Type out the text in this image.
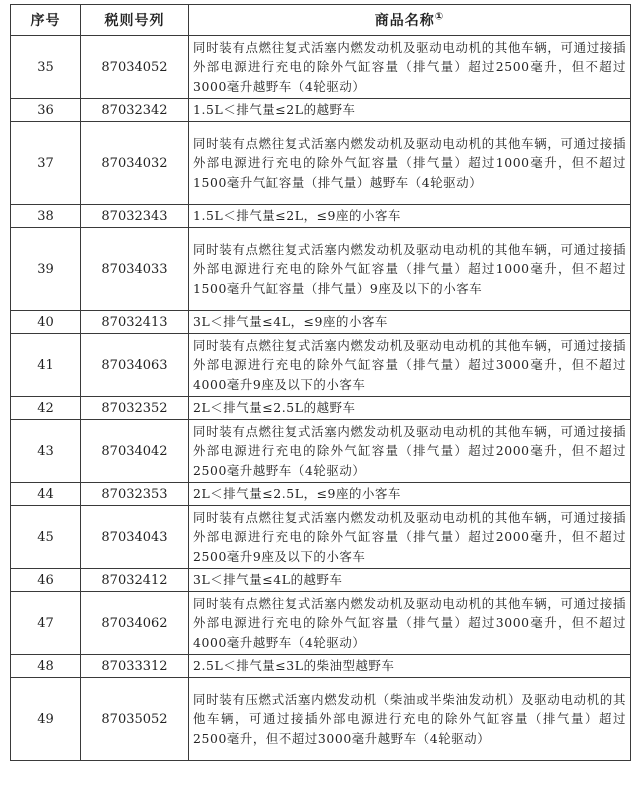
序号	税则号列	商品名称①
35	87034052	同时装有点燃往复式活塞内燃发动机及驱动电动机的其他车辆，可通过接插外部电源进行充电的除外气缸容量（排气量）超过2500毫升，但不超过3000毫升越野车（4轮驱动）
36	87032342	1.5L＜排气量≤2L的越野车
37	87034032	同时装有点燃往复式活塞内燃发动机及驱动电动机的其他车辆，可通过接插外部电源进行充电的除外气缸容量（排气量）超过1000毫升，但不超过1500毫升气缸容量（排气量）越野车（4轮驱动）
38	87032343	1.5L＜排气量≤2L，≤9座的小客车
39	87034033	同时装有点燃往复式活塞内燃发动机及驱动电动机的其他车辆，可通过接插外部电源进行充电的除外气缸容量（排气量）超过1000毫升，但不超过1500毫升气缸容量（排气量）9座及以下的小客车
40	87032413	3L＜排气量≤4L，≤9座的小客车
41	87034063	同时装有点燃往复式活塞内燃发动机及驱动电动机的其他车辆，可通过接插外部电源进行充电的除外气缸容量（排气量）超过3000毫升，但不超过4000毫升9座及以下的小客车
42	87032352	2L＜排气量≤2.5L的越野车
43	87034042	同时装有点燃往复式活塞内燃发动机及驱动电动机的其他车辆，可通过接插外部电源进行充电的除外气缸容量（排气量）超过2000毫升，但不超过2500毫升越野车（4轮驱动）
44	87032353	2L＜排气量≤2.5L，≤9座的小客车
45	87034043	同时装有点燃往复式活塞内燃发动机及驱动电动机的其他车辆，可通过接插外部电源进行充电的除外气缸容量（排气量）超过2000毫升，但不超过2500毫升9座及以下的小客车
46	87032412	3L＜排气量≤4L的越野车
47	87034062	同时装有点燃往复式活塞内燃发动机及驱动电动机的其他车辆，可通过接插外部电源进行充电的除外气缸容量（排气量）超过3000毫升，但不超过4000毫升越野车（4轮驱动）
48	87033312	2.5L＜排气量≤3L的柴油型越野车
49	87035052	同时装有压燃式活塞内燃发动机（柴油或半柴油发动机）及驱动电动机的其他车辆，可通过接插外部电源进行充电的除外气缸容量（排气量）超过2500毫升，但不超过3000毫升越野车（4轮驱动）
